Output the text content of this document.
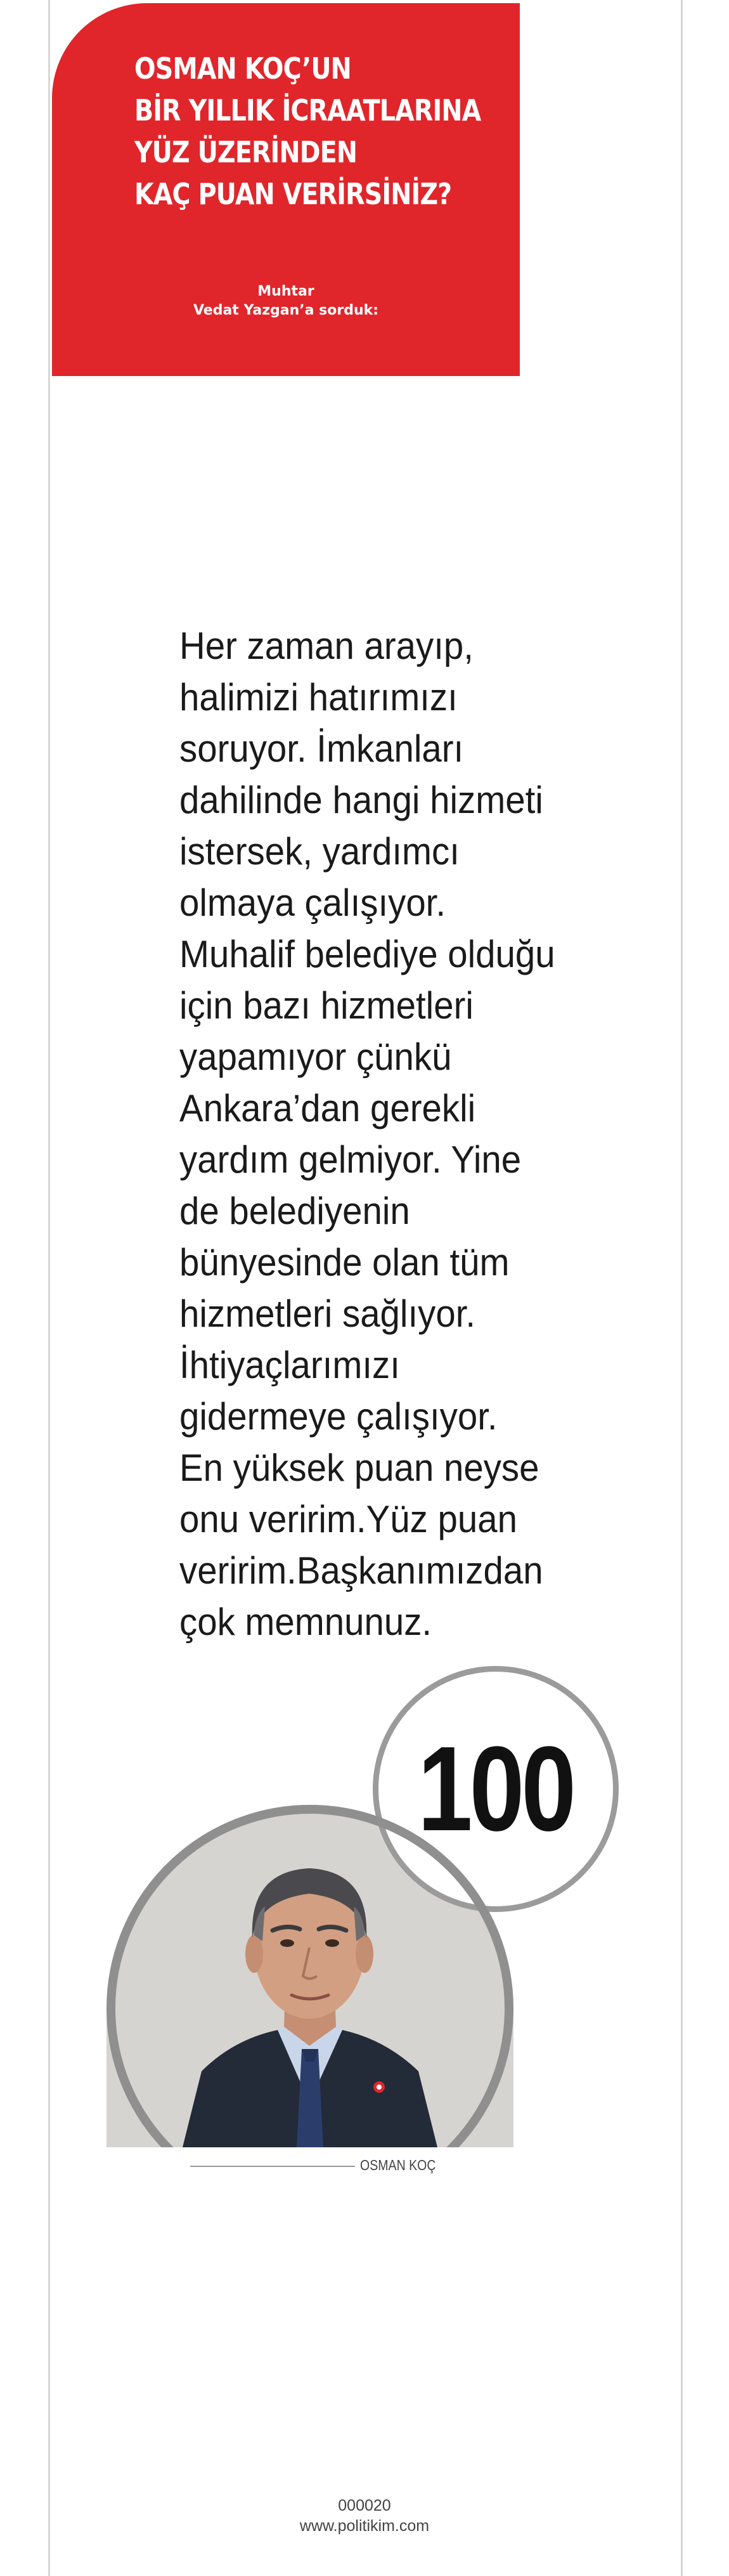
OSMAN KOÇ’UN
BİR YILLIK İCRAATLARINA
YÜZ ÜZERİNDEN
KAÇ PUAN VERİRSİNİZ?
Muhtar
Vedat Yazgan’a sorduk:

Her zaman arayıp,
halimizi hatırımızı
soruyor. İmkanları
dahilinde hangi hizmeti
istersek, yardımcı
olmaya çalışıyor.
Muhalif belediye olduğu
için bazı hizmetleri
yapamıyor çünkü
Ankara’dan gerekli
yardım gelmiyor. Yine
de belediyenin
bünyesinde olan tüm
hizmetleri sağlıyor.
İhtiyaçlarımızı
gidermeye çalışıyor.
En yüksek puan neyse
onu veririm.Yüz puan
veririm.Başkanımızdan
çok memnunuz.

100
OSMAN KOÇ
000020
www.politikim.com
